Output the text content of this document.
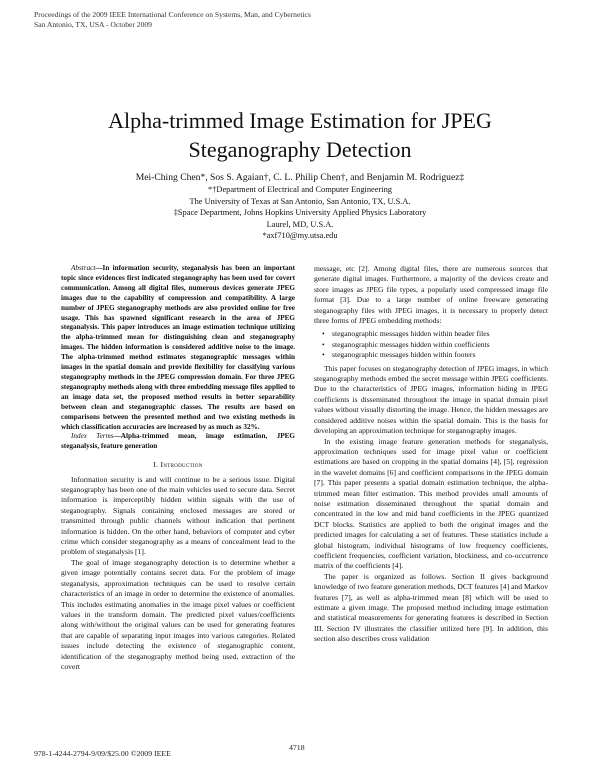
Proceedings of the 2009 IEEE International Conference on Systems, Man, and Cybernetics
San Antonio, TX, USA - October 2009
Alpha-trimmed Image Estimation for JPEG
Steganography Detection
Mei-Ching Chen*, Sos S. Agaian†, C. L. Philip Chen†, and Benjamin M. Rodriguez‡
*†Department of Electrical and Computer Engineering
The University of Texas at San Antonio, San Antonio, TX, U.S.A.
‡Space Department, Johns Hopkins University Applied Physics Laboratory
Laurel, MD, U.S.A.
*axf710@my.utsa.edu

Abstract—In information security, steganalysis has been an important topic since evidences first indicated steganography has been used for covert communication. Among all digital files, numerous devices generate JPEG images due to the capability of compression and compatibility. A large number of JPEG steganography methods are also provided online for free usage. This has spawned significant research in the area of JPEG steganalysis. This paper introduces an image estimation technique utilizing the alpha-trimmed mean for distinguishing clean and steganography images. The hidden information is considered additive noise to the image. The alpha-trimmed method estimates steganographic messages within images in the spatial domain and provide flexibility for classifying various steganography methods in the JPEG compression domain. For three JPEG steganography methods along with three embedding message files applied to an image data set, the proposed method results in better separability between clean and steganographic classes. The results are based on comparisons between the presented method and two existing methods in which classification accuracies are increased by as much as 32%.

Index Terms—Alpha-trimmed mean, image estimation, JPEG steganalysis, feature generation

I. Introduction

Information security is and will continue to be a serious issue. Digital steganography has been one of the main vehicles used to secure data. Secret information is imperceptibly hidden within signals with the use of steganography. Signals containing enclosed messages are stored or transmitted through public channels without indication that pertinent information is hidden. On the other hand, behaviors of computer and cyber crime which consider steganography as a means of concealment lead to the problem of steganalysis [1].

The goal of image steganography detection is to determine whether a given image potentially contains secret data. For the problem of image steganalysis, approximation techniques can be used to resolve certain characteristics of an image in order to determine the existence of anomalies. This includes estimating anomalies in the image pixel values or coefficient values in the transform domain. The predicted pixel values/coefficients along with/without the original values can be used for generating features that are capable of separating input images into various categories. Related issues include detecting the existence of steganographic content, identification of the steganography method being used, extraction of the covert

message, etc [2]. Among digital files, there are numerous sources that generate digital images. Furthermore, a majority of the devices create and store images as JPEG file types, a popularly used compressed image file format [3]. Due to a large number of online freeware generating steganography files with JPEG images, it is necessary to properly detect three forms of JPEG embedding methods:

• steganographic messages hidden within header files
• steganographic messages hidden within coefficients
• steganographic messages hidden within footers

This paper focuses on steganography detection of JPEG images, in which steganography methods embed the secret message within JPEG coefficients. Due to the characteristics of JPEG images, information hiding in JPEG coefficients is disseminated throughout the image in spatial domain pixel values without visually distorting the image. Hence, the hidden messages are considered additive noises within the spatial domain. This is the basis for developing an approximation technique for steganography images.

In the existing image feature generation methods for steganalysis, approximation techniques used for image pixel value or coefficient estimations are based on cropping in the spatial domains [4], [5], regression in the wavelet domains [6] and coefficient comparisons in the JPEG domain [7]. This paper presents a spatial domain estimation technique, the alpha-trimmed mean filter estimation. This method provides small amounts of noise estimation disseminated throughout the spatial domain and concentrated in the low and mid band coefficients in the JPEG quantized DCT blocks. Statistics are applied to both the original images and the predicted images for calculating a set of features. These statistics include a global histogram, individual histograms of low frequency coefficients, coefficient frequencies, coefficient variation, blockiness, and co-occurrence matrix of the coefficients [4].

The paper is organized as follows. Section II gives background knowledge of two feature generation methods, DCT features [4] and Markov features [7], as well as alpha-trimmed mean [8] which will be used to estimate a given image. The proposed method including image estimation and statistical measurements for generating features is described in Section III. Section IV illustrates the classifier utilized here [9]. In addition, this section also describes cross validation

4718
978-1-4244-2794-9/09/$25.00 ©2009 IEEE
